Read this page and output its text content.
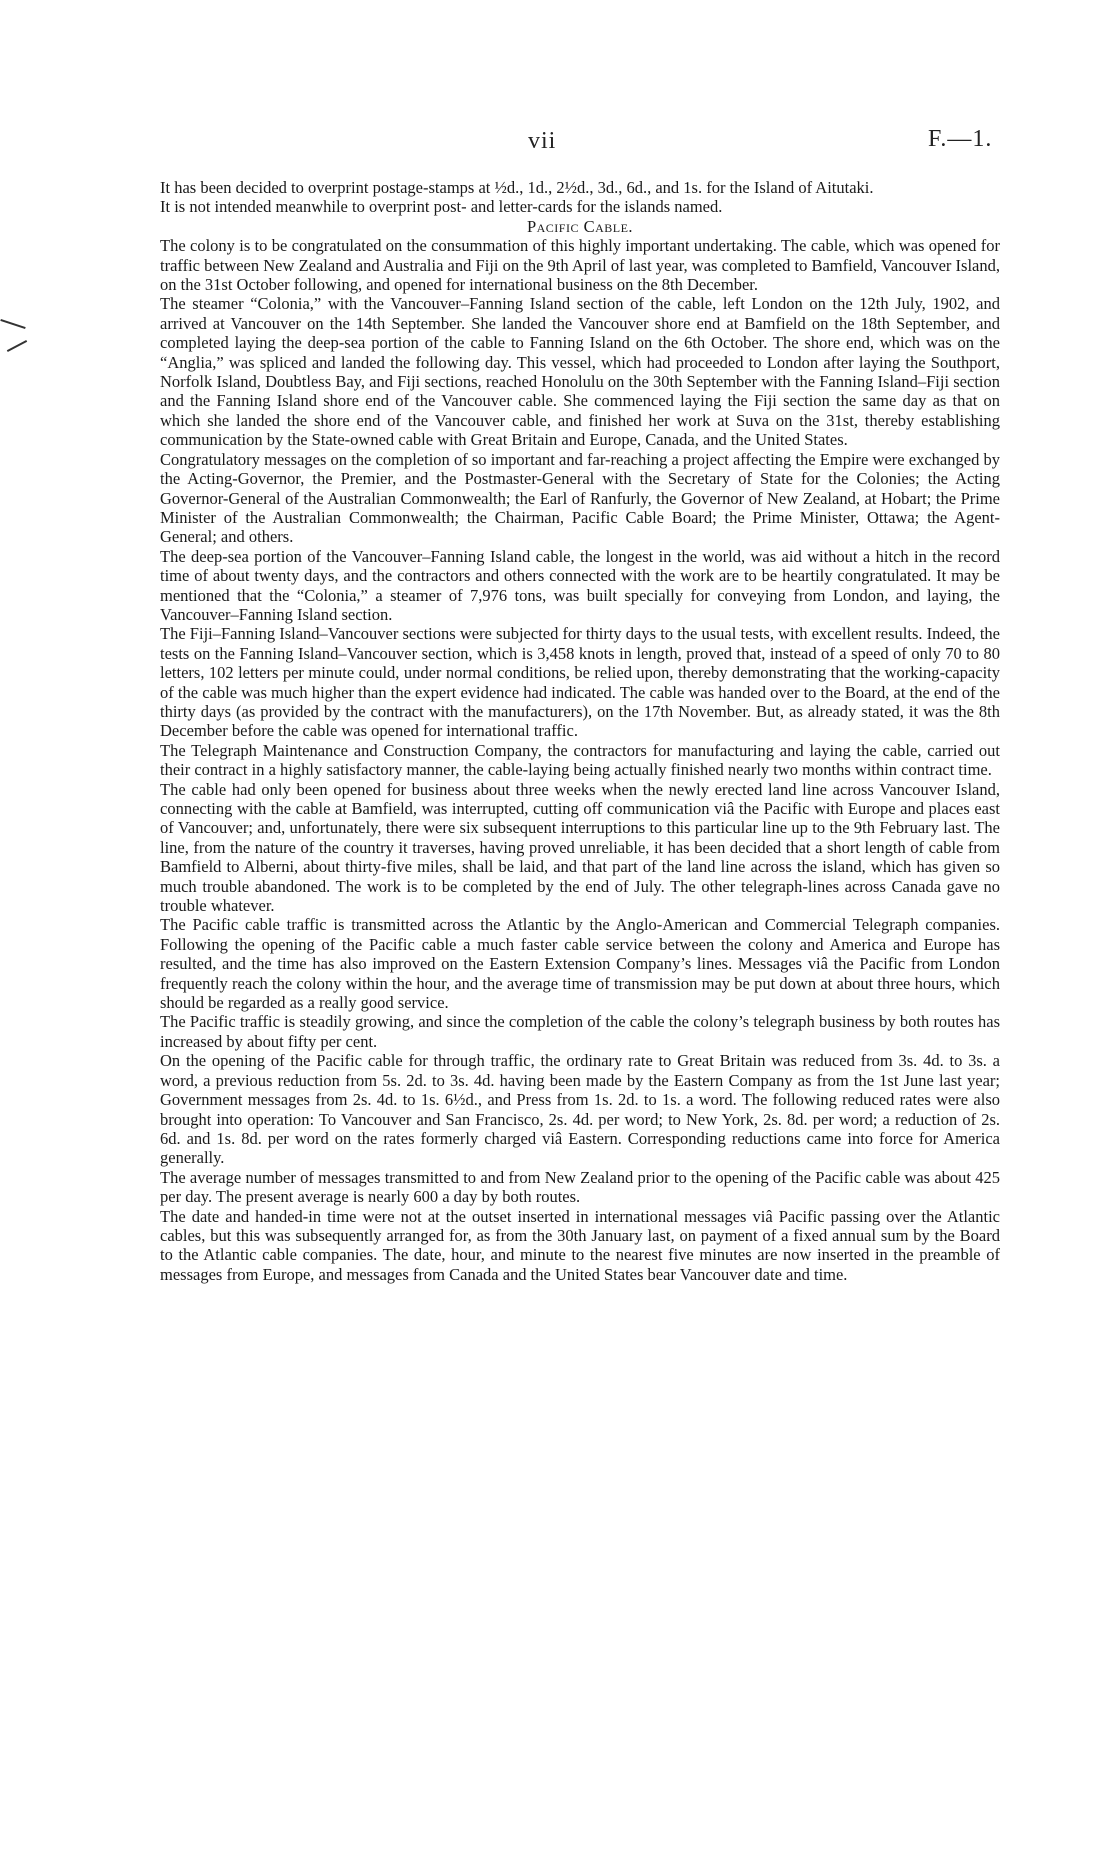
vii	F.—1.

It has been decided to overprint postage-stamps at ½d., 1d., 2½d., 3d., 6d., and 1s. for the Island of Aitutaki.

It is not intended meanwhile to overprint post- and letter-cards for the islands named.

Pacific Cable.

The colony is to be congratulated on the consummation of this highly important undertaking. The cable, which was opened for traffic between New Zealand and Australia and Fiji on the 9th April of last year, was completed to Bamfield, Vancouver Island, on the 31st October following, and opened for international business on the 8th December.

The steamer “Colonia,” with the Vancouver–Fanning Island section of the cable, left London on the 12th July, 1902, and arrived at Vancouver on the 14th September. She landed the Vancouver shore end at Bamfield on the 18th September, and completed laying the deep-sea portion of the cable to Fanning Island on the 6th October. The shore end, which was on the “Anglia,” was spliced and landed the following day. This vessel, which had proceeded to London after laying the Southport, Norfolk Island, Doubtless Bay, and Fiji sections, reached Honolulu on the 30th September with the Fanning Island–Fiji section and the Fanning Island shore end of the Vancouver cable. She commenced laying the Fiji section the same day as that on which she landed the shore end of the Vancouver cable, and finished her work at Suva on the 31st, thereby establishing communication by the State-owned cable with Great Britain and Europe, Canada, and the United States.

Congratulatory messages on the completion of so important and far-reaching a project affecting the Empire were exchanged by the Acting-Governor, the Premier, and the Postmaster-General with the Secretary of State for the Colonies; the Acting Governor-General of the Australian Commonwealth; the Earl of Ranfurly, the Governor of New Zealand, at Hobart; the Prime Minister of the Australian Commonwealth; the Chairman, Pacific Cable Board; the Prime Minister, Ottawa; the Agent-General; and others.

The deep-sea portion of the Vancouver–Fanning Island cable, the longest in the world, was aid without a hitch in the record time of about twenty days, and the contractors and others connected with the work are to be heartily congratulated. It may be mentioned that the “Colonia,” a steamer of 7,976 tons, was built specially for conveying from London, and laying, the Vancouver–Fanning Island section.

The Fiji–Fanning Island–Vancouver sections were subjected for thirty days to the usual tests, with excellent results. Indeed, the tests on the Fanning Island–Vancouver section, which is 3,458 knots in length, proved that, instead of a speed of only 70 to 80 letters, 102 letters per minute could, under normal conditions, be relied upon, thereby demonstrating that the working-capacity of the cable was much higher than the expert evidence had indicated. The cable was handed over to the Board, at the end of the thirty days (as provided by the contract with the manufacturers), on the 17th November. But, as already stated, it was the 8th December before the cable was opened for international traffic.

The Telegraph Maintenance and Construction Company, the contractors for manufacturing and laying the cable, carried out their contract in a highly satisfactory manner, the cable-laying being actually finished nearly two months within contract time.

The cable had only been opened for business about three weeks when the newly erected land line across Vancouver Island, connecting with the cable at Bamfield, was interrupted, cutting off communication viâ the Pacific with Europe and places east of Vancouver; and, unfortunately, there were six subsequent interruptions to this particular line up to the 9th February last. The line, from the nature of the country it traverses, having proved unreliable, it has been decided that a short length of cable from Bamfield to Alberni, about thirty-five miles, shall be laid, and that part of the land line across the island, which has given so much trouble abandoned. The work is to be completed by the end of July. The other telegraph-lines across Canada gave no trouble whatever.

The Pacific cable traffic is transmitted across the Atlantic by the Anglo-American and Commercial Telegraph companies. Following the opening of the Pacific cable a much faster cable service between the colony and America and Europe has resulted, and the time has also improved on the Eastern Extension Company’s lines. Messages viâ the Pacific from London frequently reach the colony within the hour, and the average time of transmission may be put down at about three hours, which should be regarded as a really good service.

The Pacific traffic is steadily growing, and since the completion of the cable the colony’s telegraph business by both routes has increased by about fifty per cent.

On the opening of the Pacific cable for through traffic, the ordinary rate to Great Britain was reduced from 3s. 4d. to 3s. a word, a previous reduction from 5s. 2d. to 3s. 4d. having been made by the Eastern Company as from the 1st June last year; Government messages from 2s. 4d. to 1s. 6½d., and Press from 1s. 2d. to 1s. a word. The following reduced rates were also brought into operation: To Vancouver and San Francisco, 2s. 4d. per word; to New York, 2s. 8d. per word; a reduction of 2s. 6d. and 1s. 8d. per word on the rates formerly charged viâ Eastern. Corresponding reductions came into force for America generally.

The average number of messages transmitted to and from New Zealand prior to the opening of the Pacific cable was about 425 per day. The present average is nearly 600 a day by both routes.

The date and handed-in time were not at the outset inserted in international messages viâ Pacific passing over the Atlantic cables, but this was subsequently arranged for, as from the 30th January last, on payment of a fixed annual sum by the Board to the Atlantic cable companies. The date, hour, and minute to the nearest five minutes are now inserted in the preamble of messages from Europe, and messages from Canada and the United States bear Vancouver date and time.
